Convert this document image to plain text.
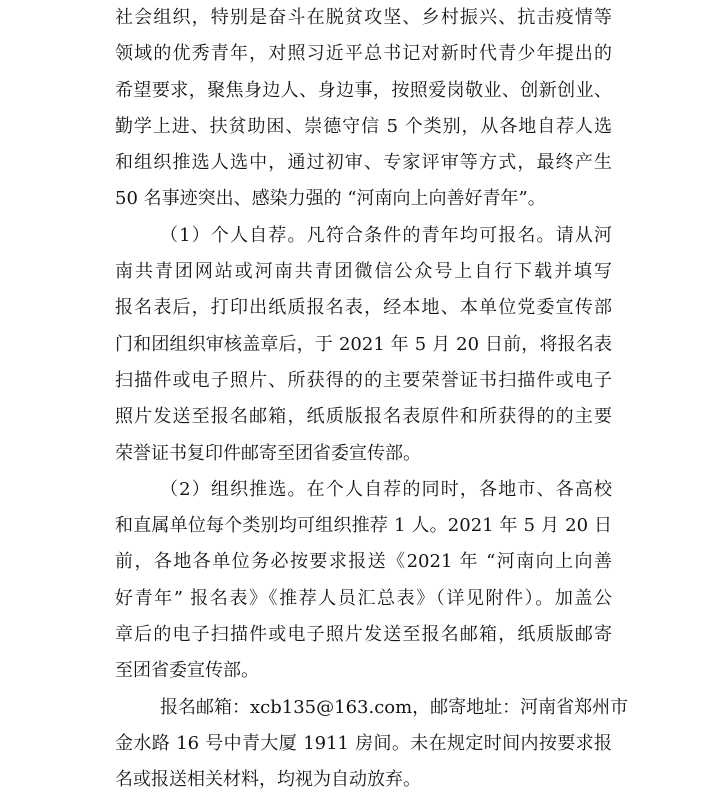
社会组织，特别是奋斗在脱贫攻坚、乡村振兴、抗击疫情等
领域的优秀青年，对照习近平总书记对新时代青少年提出的
希望要求，聚焦身边人、身边事，按照爱岗敬业、创新创业、
勤学上进、扶贫助困、崇德守信 5 个类别，从各地自荐人选
和组织推选人选中，通过初审、专家评审等方式，最终产生
50 名事迹突出、感染力强的 “河南向上向善好青年”。
（1）个人自荐。凡符合条件的青年均可报名。请从河
南共青团网站或河南共青团微信公众号上自行下载并填写
报名表后，打印出纸质报名表，经本地、本单位党委宣传部
门和团组织审核盖章后，于 2021 年 5 月 20 日前，将报名表
扫描件或电子照片、所获得的的主要荣誉证书扫描件或电子
照片发送至报名邮箱，纸质版报名表原件和所获得的的主要
荣誉证书复印件邮寄至团省委宣传部。
（2）组织推选。在个人自荐的同时，各地市、各高校
和直属单位每个类别均可组织推荐 1 人。2021 年 5 月 20 日
前，各地各单位务必按要求报送《2021 年 “河南向上向善
好青年” 报名表》《推荐人员汇总表》（详见附件）。加盖公
章后的电子扫描件或电子照片发送至报名邮箱，纸质版邮寄
至团省委宣传部。
报名邮箱：xcb135@163.com，邮寄地址：河南省郑州市
金水路 16 号中青大厦 1911 房间。未在规定时间内按要求报
名或报送相关材料，均视为自动放弃。
